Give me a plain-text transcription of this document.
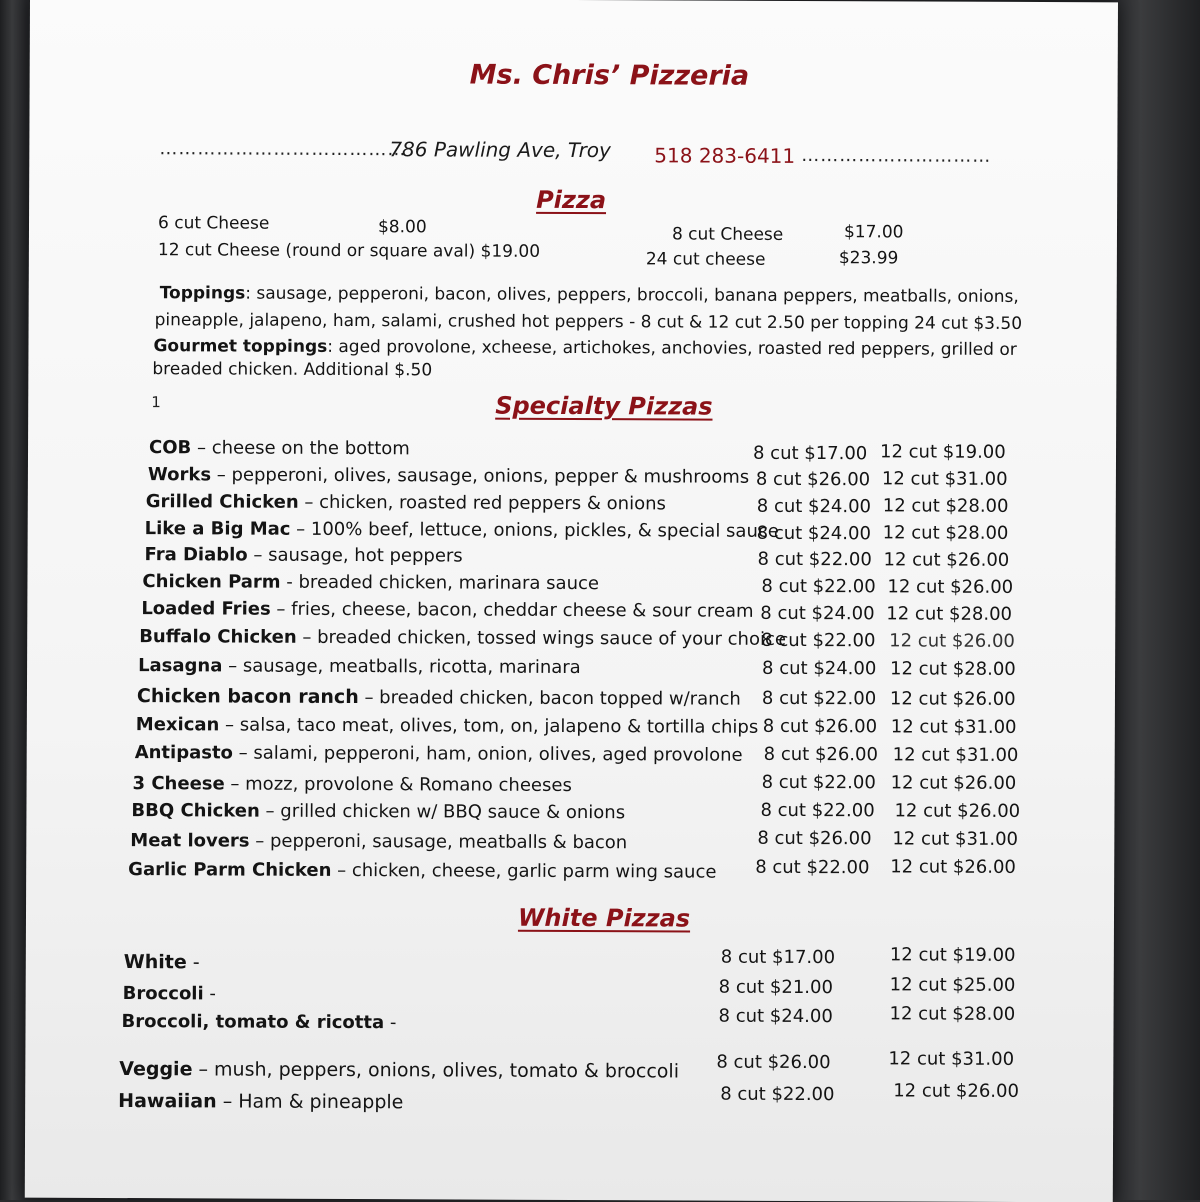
Ms. Chris’ Pizzeria
…………………………………
786 Pawling Ave, Troy 518 283-6411 …………………………
Pizza
6 cut Cheese	$8.00
12 cut Cheese (round or square aval) $19.00
8 cut Cheese	$17.00
24 cut cheese	$23.99
Toppings: sausage, pepperoni, bacon, olives, peppers, broccoli, banana peppers, meatballs, onions,
pineapple, jalapeno, ham, salami, crushed hot peppers - 8 cut & 12 cut 2.50 per topping 24 cut $3.50
Gourmet toppings: aged provolone, xcheese, artichokes, anchovies, roasted red peppers, grilled or
breaded chicken. Additional $.50
1	Specialty Pizzas
COB – cheese on the bottom	8 cut $17.00 12 cut $19.00
Works – pepperoni, olives, sausage, onions, pepper & mushrooms 8 cut $26.00 12 cut $31.00
Grilled Chicken – chicken, roasted red peppers & onions	8 cut $24.00 12 cut $28.00
Like a Big Mac – 100% beef, lettuce, onions, pickles, & special sauce
8 cut $24.00 12 cut $28.00
Fra Diablo – sausage, hot peppers	8 cut $22.00 12 cut $26.00
Chicken Parm - breaded chicken, marinara sauce	8 cut $22.00 12 cut $26.00
Loaded Fries – fries, cheese, bacon, cheddar cheese & sour cream 8 cut $24.00 12 cut $28.00
Buffalo Chicken – breaded chicken, tossed wings sauce of your choice
8 cut $22.00 12 cut $26.00
Lasagna – sausage, meatballs, ricotta, marinara	8 cut $24.00 12 cut $28.00
Chicken bacon ranch – breaded chicken, bacon topped w/ranch 8 cut $22.00 12 cut $26.00
Mexican – salsa, taco meat, olives, tom, on, jalapeno & tortilla chips 8 cut $26.00 12 cut $31.00
Antipasto – salami, pepperoni, ham, onion, olives, aged provolone 8 cut $26.00 12 cut $31.00
3 Cheese – mozz, provolone & Romano cheeses	8 cut $22.00 12 cut $26.00
BBQ Chicken – grilled chicken w/ BBQ sauce & onions	8 cut $22.00 12 cut $26.00
Meat lovers – pepperoni, sausage, meatballs & bacon	8 cut $26.00 12 cut $31.00
Garlic Parm Chicken – chicken, cheese, garlic parm wing sauce 8 cut $22.00 12 cut $26.00
White Pizzas
White -	8 cut $17.00	12 cut $19.00
Broccoli -	8 cut $21.00	12 cut $25.00
Broccoli, tomato & ricotta -	8 cut $24.00	12 cut $28.00
Veggie – mush, peppers, onions, olives, tomato & broccoli 8 cut $26.00	12 cut $31.00
Hawaiian – Ham & pineapple	8 cut $22.00	12 cut $26.00
